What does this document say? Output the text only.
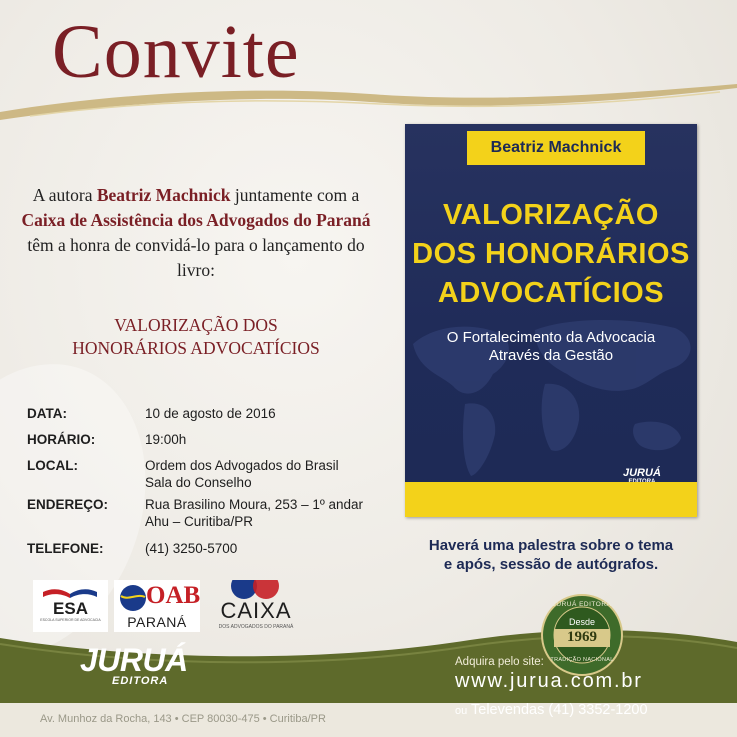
Convite
A autora Beatriz Machnick juntamente com a Caixa de Assistência dos Advogados do Paraná têm a honra de convidá-lo para o lançamento do livro:
VALORIZAÇÃO DOS
HONORÁRIOS ADVOCATÍCIOS
DATA:	10 de agosto de 2016
HORÁRIO:	19:00h
LOCAL:	Ordem dos Advogados do Brasil
Sala do Conselho
ENDEREÇO:	Rua Brasilino Moura, 253 – 1º andar
Ahu – Curitiba/PR
TELEFONE:	(41) 3250-5700
Beatriz Machnick
VALORIZAÇÃO
DOS HONORÁRIOS
ADVOCATÍCIOS
O Fortalecimento da Advocacia
Através da Gestão
JURUÁ
Haverá uma palestra sobre o tema
e após, sessão de autógrafos.
ESA
ESCOLA SUPERIOR DE ADVOCACIA
OAB
PARANÁ	CAIXA
DOS ADVOGADOS DO PARANÁ
JURUÁ
EDITORA
JURUÁ EDITORA
Desde
1969
TRADIÇÃO NACIONAL
Adquira pelo site:
www.jurua.com.br
ou Televendas (41) 3352-1200
Av. Munhoz da Rocha, 143 • CEP 80030-475 • Curitiba/PR
